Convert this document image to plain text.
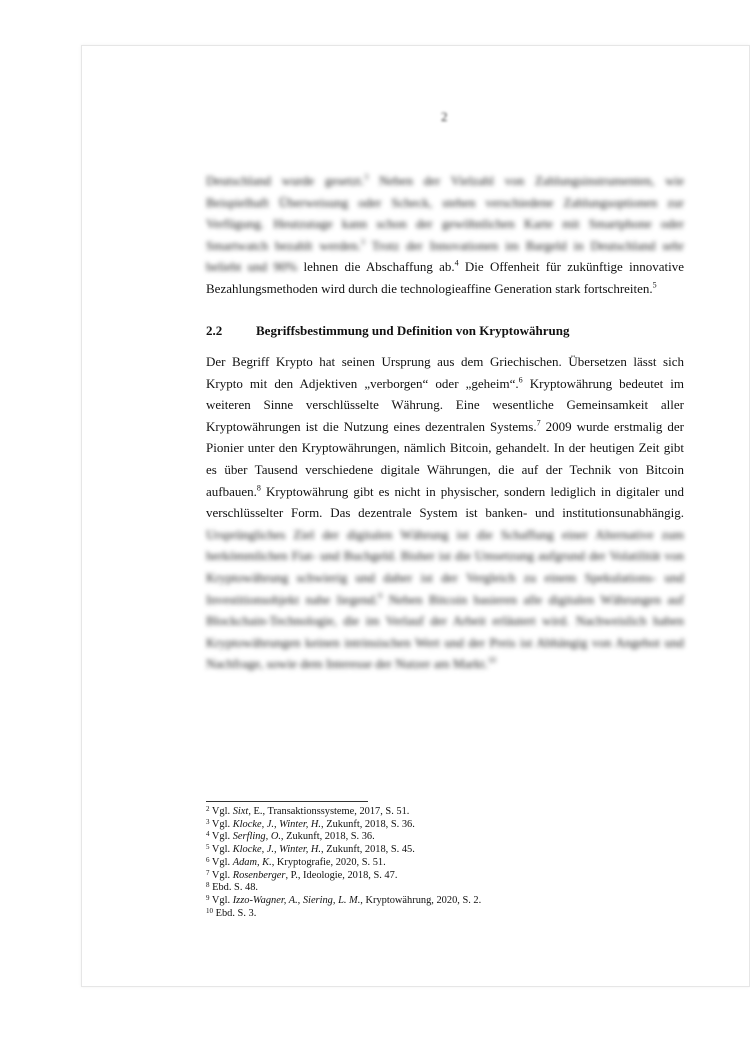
2

Deutschland wurde gesetzt.$^3$ Neben der Vielzahl von Zahlungsinstrumenten, wie Beispielhaft Überweisung oder Scheck, stehen verschiedene Zahlungsoptionen zur Verfügung. Heutzutage kann schon der gewöhnlichen Karte mit Smartphone oder Smartwatch bezahlt werden.$^3$ Trotz der Innovationen im Bargeld in Deutschland sehr beliebt und 90% lehnen die Abschaffung ab.$^4$ Die Offenheit für zukünftige innovative Bezahlungsmethoden wird durch die technologieaffine Generation stark fortschreiten.$^5$

2.2	Begriffsbestimmung und Definition von Kryptowährung

Der Begriff Krypto hat seinen Ursprung aus dem Griechischen. Übersetzen lässt sich Krypto mit den Adjektiven „verborgen“ oder „geheim“.$^6$ Kryptowährung bedeutet im weiteren Sinne verschlüsselte Währung. Eine wesentliche Gemeinsamkeit aller Kryptowährungen ist die Nutzung eines dezentralen Systems.$^7$ 2009 wurde erstmalig der Pionier unter den Kryptowährungen, nämlich Bitcoin, gehandelt. In der heutigen Zeit gibt es über Tausend verschiedene digitale Währungen, die auf der Technik von Bitcoin aufbauen.$^8$ Kryptowährung gibt es nicht in physischer, sondern lediglich in digitaler und verschlüsselter Form. Das dezentrale System ist banken- und institutionsunabhängig. Ursprüngliches Ziel der digitalen Währung ist die Schaffung einer Alternative zum herkömmlichen Fiat- und Buchgeld. Bisher ist die Umsetzung aufgrund der Volatilität von Kryptowährung schwierig und daher ist der Vergleich zu einem Spekulations- und Investitionsobjekt nahe liegend.$^9$ Neben Bitcoin basieren alle digitalen Währungen auf Blockchain-Technologie, die im Verlauf der Arbeit erläutert wird. Nachweislich haben Kryptowährungen keinen intrinsischen Wert und der Preis ist Abhängig von Angebot und Nachfrage, sowie dem Interesse der Nutzer am Markt.$^{10}$

$^2$ Vgl. Sixt, E., Transaktionssysteme, 2017, S. 51.
$^3$ Vgl. Klocke, J., Winter, H., Zukunft, 2018, S. 36.
$^4$ Vgl. Serfling, O., Zukunft, 2018, S. 36.
$^5$ Vgl. Klocke, J., Winter, H., Zukunft, 2018, S. 45.
$^6$ Vgl. Adam, K., Kryptografie, 2020, S. 51.
$^7$ Vgl. Rosenberger, P., Ideologie, 2018, S. 47.
$^8$ Ebd. S. 48.
$^9$ Vgl. Izzo-Wagner, A., Siering, L. M., Kryptowährung, 2020, S. 2.
$^{10}$ Ebd. S. 3.
